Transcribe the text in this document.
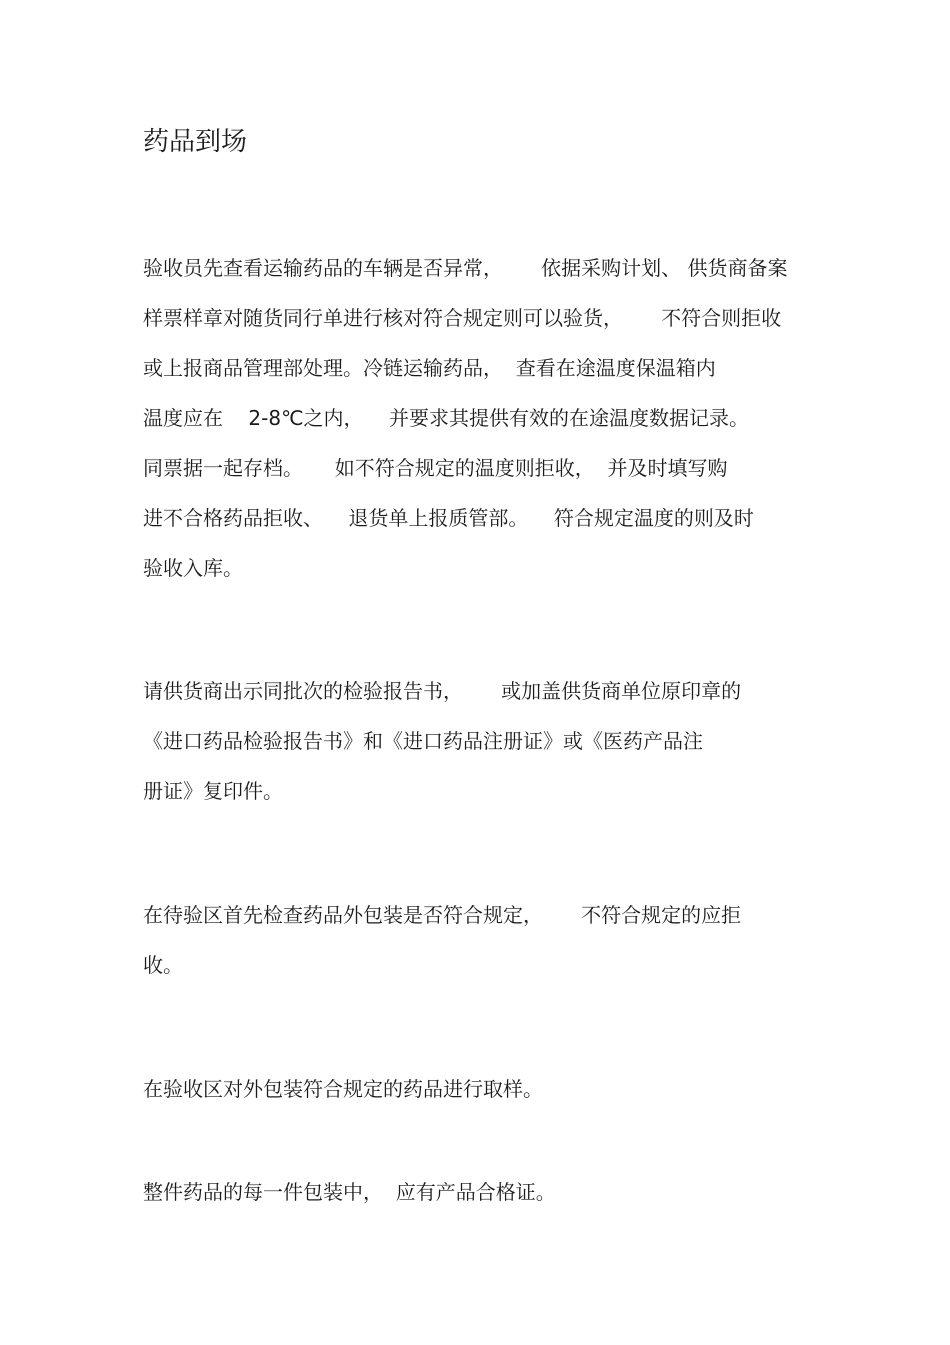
药品到场
验收员先查看运输药品的车辆是否异常，      依据采购计划、 供货商备案
样票样章对随货同行单进行核对符合规定则可以验货，      不符合则拒收
或上报商品管理部处理。冷链运输药品，  查看在途温度保温箱内
温度应在    2-8℃之内，    并要求其提供有效的在途温度数据记录。
同票据一起存档。     如不符合规定的温度则拒收，  并及时填写购
进不合格药品拒收、    退货单上报质管部。    符合规定温度的则及时
验收入库。
请供货商出示同批次的检验报告书，      或加盖供货商单位原印章的
《进口药品检验报告书》和《进口药品注册证》或《医药产品注
册证》复印件。
在待验区首先检查药品外包装是否符合规定，      不符合规定的应拒
收。
在验收区对外包装符合规定的药品进行取样。
整件药品的每一件包装中，  应有产品合格证。
